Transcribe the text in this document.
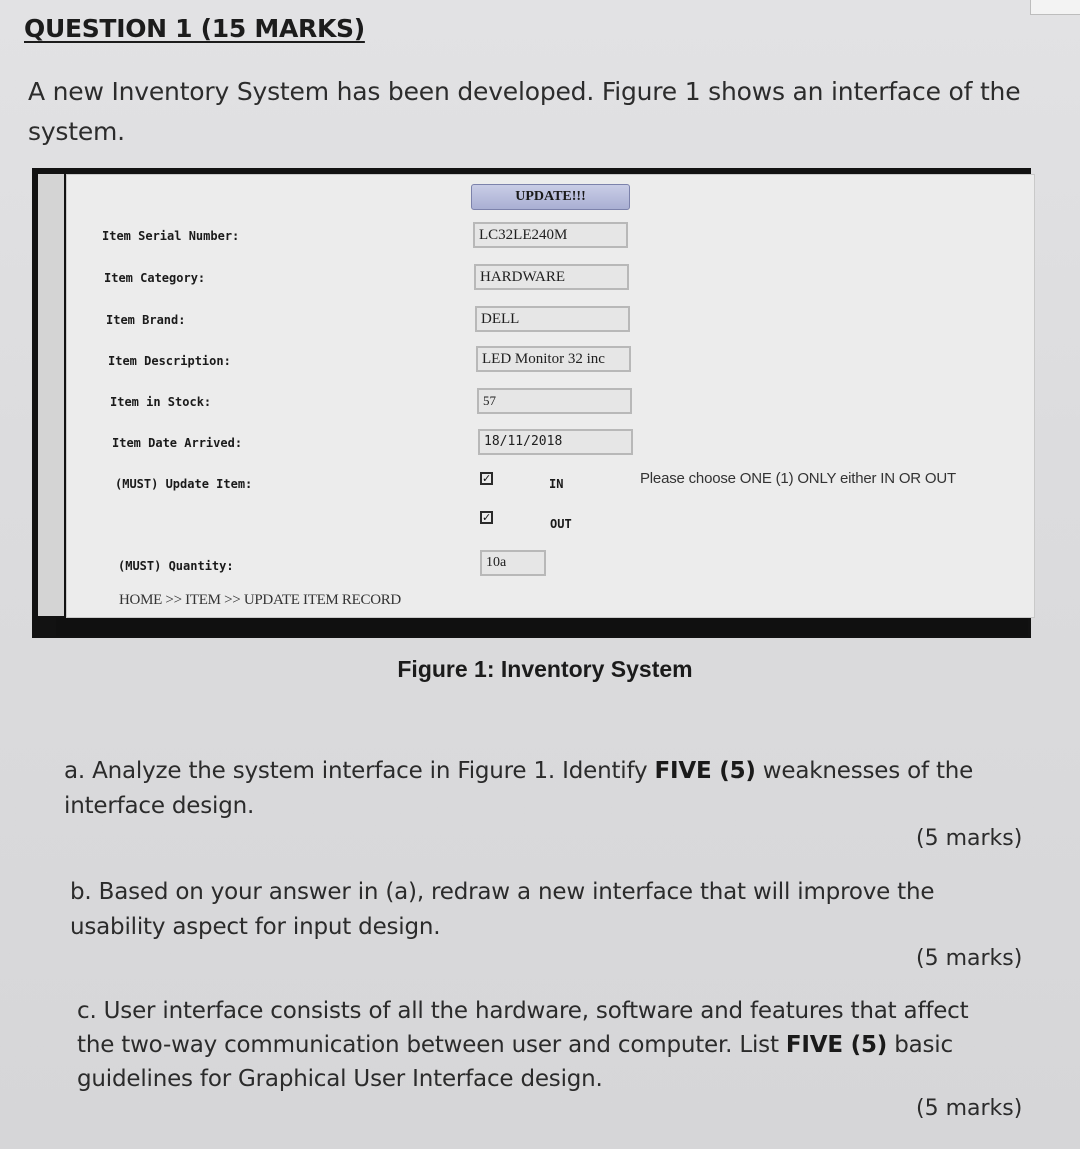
QUESTION 1 (15 MARKS)
A new Inventory System has been developed. Figure 1 shows an interface of the system.
UPDATE!!!
Item Serial Number:	LC32LE240M
Item Category:	HARDWARE
Item Brand:	DELL
Item Description:	LED Monitor 32 inc
Item in Stock:	57
Item Date Arrived:	18/11/2018
(MUST) Update Item:	✓	IN	Please choose ONE (1) ONLY either IN OR OUT
✓	OUT
(MUST) Quantity:	10a
HOME >> ITEM >> UPDATE ITEM RECORD
Figure 1: Inventory System
a. Analyze the system interface in Figure 1. Identify FIVE (5) weaknesses of the interface design.
(5 marks)
b. Based on your answer in (a), redraw a new interface that will improve the usability aspect for input design.
(5 marks)
c. User interface consists of all the hardware, software and features that affect the two-way communication between user and computer. List FIVE (5) basic guidelines for Graphical User Interface design.
(5 marks)
